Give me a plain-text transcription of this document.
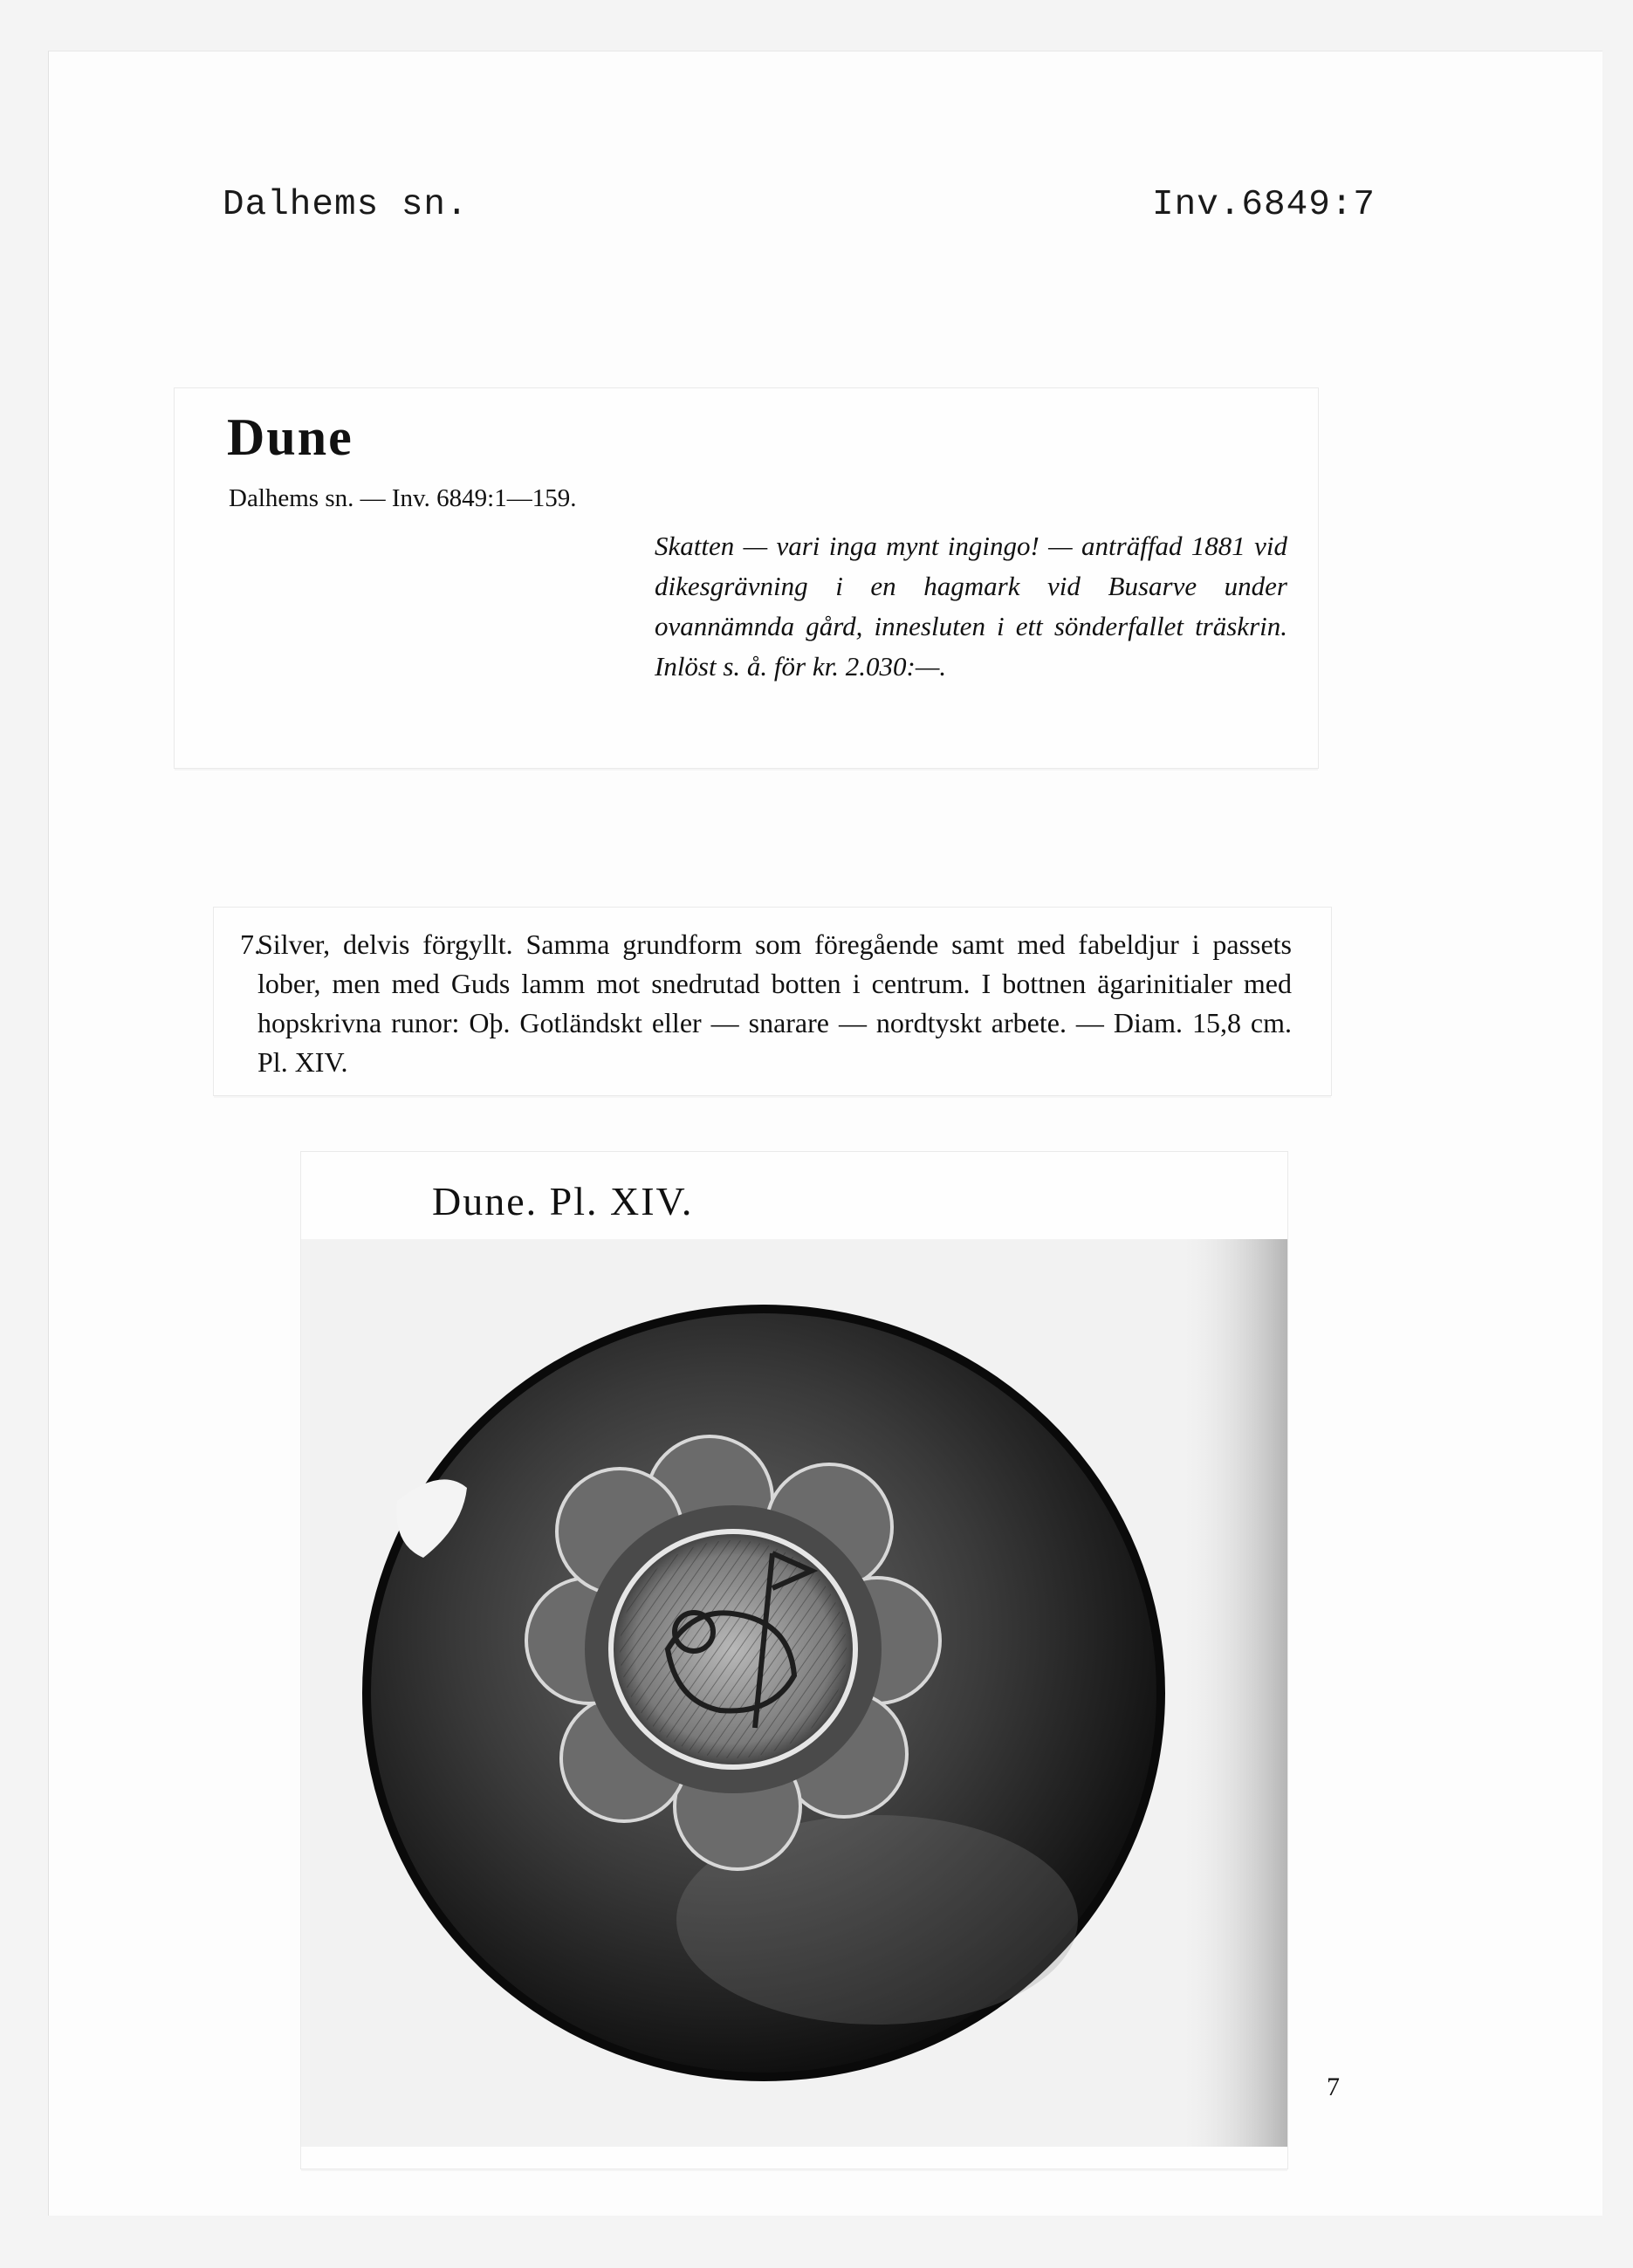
Dalhems sn.	Inv.6849:7
Dune
Dalhems sn. — Inv. 6849:1—159.
Skatten — vari inga mynt ingingo! — anträffad 1881 vid dikesgrävning i en hagmark vid Busarve under ovannämnda gård, innesluten i ett sönderfallet träskrin. Inlöst s. å. för kr. 2.030:—.
7.
Silver, delvis förgyllt. Samma grundform som föregående samt med fabeldjur i passets lober, men med Guds lamm mot snedrutad botten i centrum. I bottnen ägarinitialer med hopskrivna runor: Oþ. Gotländskt eller — snarare — nordtyskt arbete. — Diam. 15,8 cm. Pl. XIV.
Dune. Pl. XIV.
7
